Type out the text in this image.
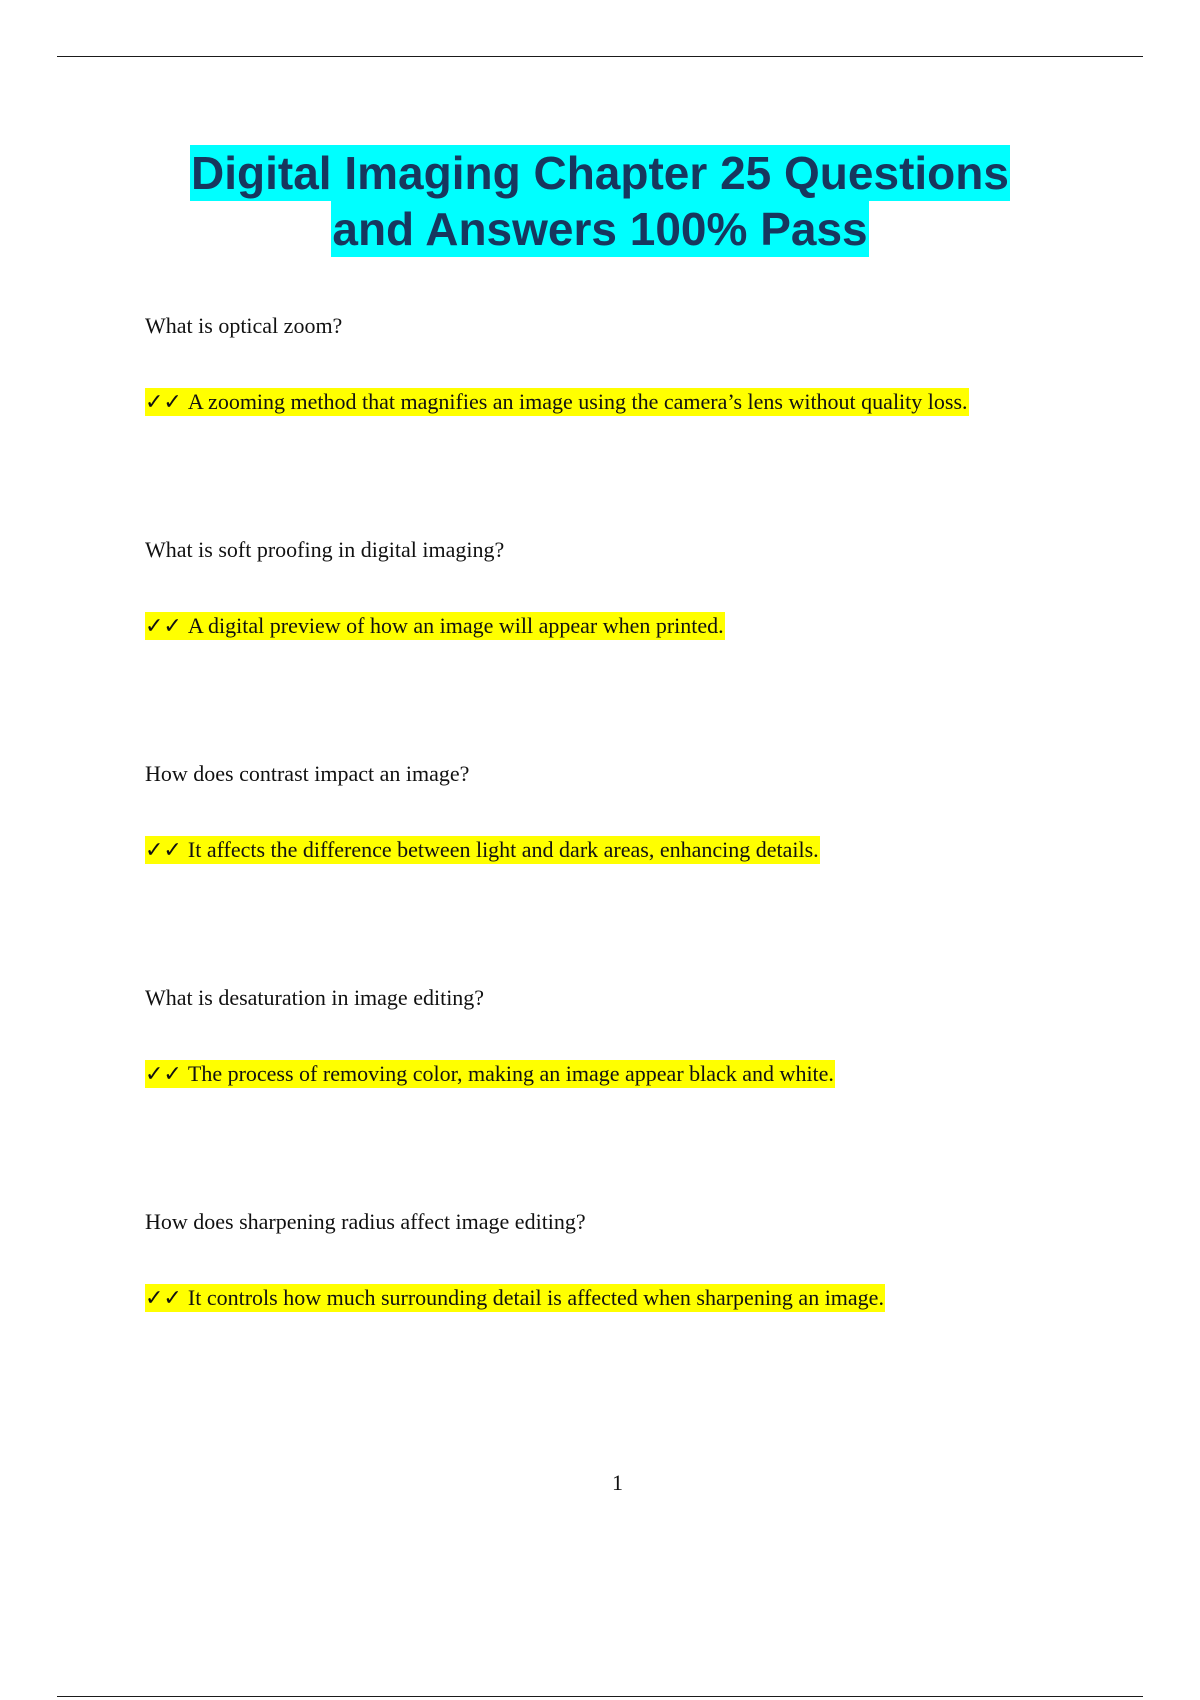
Digital Imaging Chapter 25 Questions
and Answers 100% Pass
What is optical zoom?
✓✓ A zooming method that magnifies an image using the camera’s lens without quality loss.
What is soft proofing in digital imaging?
✓✓ A digital preview of how an image will appear when printed.
How does contrast impact an image?
✓✓ It affects the difference between light and dark areas, enhancing details.
What is desaturation in image editing?
✓✓ The process of removing color, making an image appear black and white.
How does sharpening radius affect image editing?
✓✓ It controls how much surrounding detail is affected when sharpening an image.
1
